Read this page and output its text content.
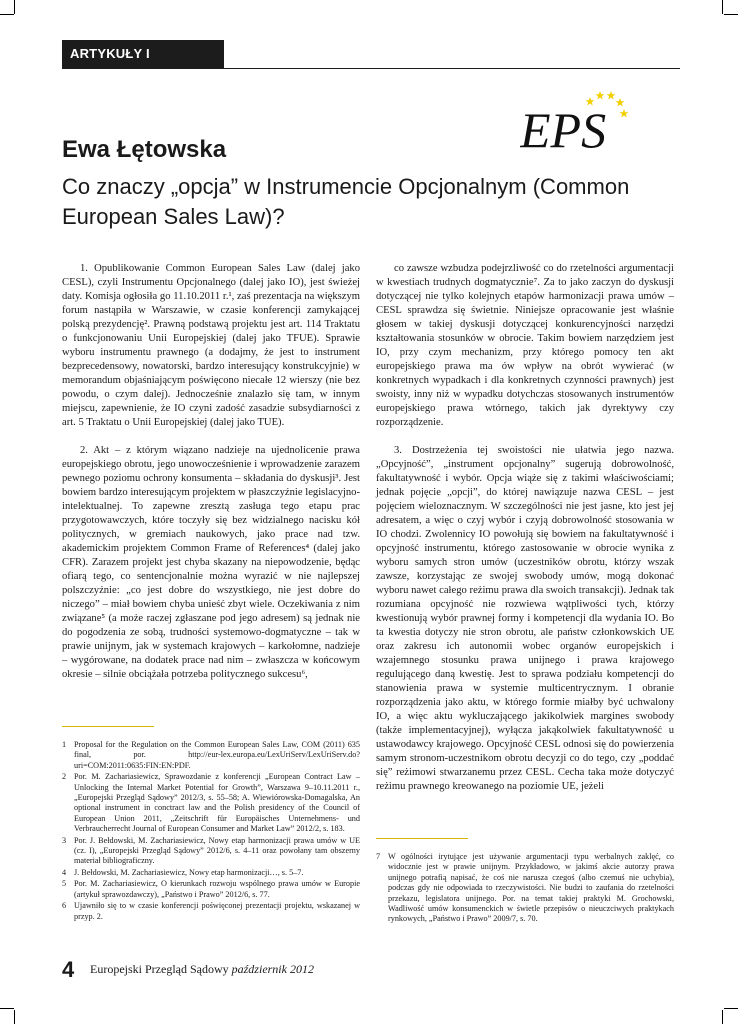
ARTYKUŁY I ROZPRAWY
EPS
Ewa Łętowska
Co znaczy „opcja” w Instrumencie Opcjonalnym (Common European Sales Law)?

1. Opublikowanie Common European Sales Law (dalej jako CESL), czyli Instrumentu Opcjonalnego (dalej jako IO), jest świeżej daty. Komisja ogłosiła go 11.10.2011 r.¹, zaś prezentacja na większym forum nastąpiła w Warszawie, w czasie konferencji zamykającej polską prezydencję². Prawną podstawą projektu jest art. 114 Traktatu o funkcjonowaniu Unii Europejskiej (dalej jako TFUE). Sprawie wyboru instrumentu prawnego (a dodajmy, że jest to instrument bezprecedensowy, nowatorski, bardzo interesujący konstrukcyjnie) w memorandum objaśniającym poświęcono niecałe 12 wierszy (nie bez powodu, o czym dalej). Jednocześnie znalazło się tam, w innym miejscu, zapewnienie, że IO czyni zadość zasadzie subsydiarności z art. 5 Traktatu o Unii Europejskiej (dalej jako TUE).

2. Akt – z którym wiązano nadzieje na ujednolicenie prawa europejskiego obrotu, jego unowocześnienie i wprowadzenie zarazem pewnego poziomu ochrony konsumenta – składania do dyskusji³. Jest bowiem bardzo interesującym projektem w płaszczyźnie legislacyjno-intelektualnej. To zapewne zresztą zasługa tego etapu prac przygotowawczych, które toczyły się bez widzialnego nacisku kół politycznych, w gremiach naukowych, jako prace nad tzw. akademickim projektem Common Frame of References⁴ (dalej jako CFR). Zarazem projekt jest chyba skazany na niepowodzenie, będąc ofiarą tego, co sentencjonalnie można wyrazić w nie najlepszej polszczyźnie: „co jest dobre do wszystkiego, nie jest dobre do niczego” – miał bowiem chyba unieść zbyt wiele. Oczekiwania z nim związane⁵ (a może raczej zgłaszane pod jego adresem) są jednak nie do pogodzenia ze sobą, trudności systemowo-dogmatyczne – tak w prawie unijnym, jak w systemach krajowych – karkołomne, nadzieje – wygórowane, na dodatek prace nad nim – zwłaszcza w końcowym okresie – silnie obciążała potrzeba politycznego sukcesu⁶,

co zawsze wzbudza podejrzliwość co do rzetelności argumentacji w kwestiach trudnych dogmatycznie⁷. Za to jako zaczyn do dyskusji dotyczącej nie tylko kolejnych etapów harmonizacji prawa umów – CESL sprawdza się świetnie. Niniejsze opracowanie jest właśnie głosem w takiej dyskusji dotyczącej konkurencyjności narzędzi kształtowania stosunków w obrocie. Takim bowiem narzędziem jest IO, przy czym mechanizm, przy którego pomocy ten akt europejskiego prawa ma ów wpływ na obrót wywierać (w konkretnych wypadkach i dla konkretnych czynności prawnych) jest swoisty, inny niż w wypadku dotychczas stosowanych instrumentów europejskiego prawa wtórnego, takich jak dyrektywy czy rozporządzenie.

3. Dostrzeżenia tej swoistości nie ułatwia jego nazwa. „Opcyjność”, „instrument opcjonalny” sugerują dobrowolność, fakultatywność i wybór. Opcja wiąże się z takimi właściwościami; jednak pojęcie „opcji”, do której nawiązuje nazwa CESL – jest pojęciem wieloznacznym. W szczególności nie jest jasne, kto jest jej adresatem, a więc o czyj wybór i czyją dobrowolność stosowania w IO chodzi. Zwolennicy IO powołują się bowiem na fakultatywność i opcyjność instrumentu, którego zastosowanie w obrocie wynika z wyboru samych stron umów (uczestników obrotu, którzy wszak zawsze, korzystając ze swojej swobody umów, mogą dokonać wyboru nawet całego reżimu prawa dla swoich transakcji). Jednak tak rozumiana opcyjność nie rozwiewa wątpliwości tych, którzy kwestionują wybór prawnej formy i kompetencji dla wydania IO. Bo ta kwestia dotyczy nie stron obrotu, ale państw członkowskich UE oraz zakresu ich autonomii wobec organów europejskich i wzajemnego stosunku prawa unijnego i prawa krajowego regulującego daną kwestię. Jest to sprawa podziału kompetencji do stanowienia prawa w systemie multicentrycznym. I obranie rozporządzenia jako aktu, w którego formie miałby być uchwalony IO, a więc aktu wykluczającego jakikolwiek margines swobody (także implementacyjnej), wyłącza jakąkolwiek fakultatywność u ustawodawcy krajowego. Opcyjność CESL odnosi się do powierzenia samym stronom-uczestnikom obrotu decyzji co do tego, czy „poddać się” reżimowi stwarzanemu przez CESL. Cecha taka może dotyczyć reżimu prawnego kreowanego na poziomie UE, jeżeli

1 Proposal for the Regulation on the Common European Sales Law, COM (2011) 635 final, por. http://eur-lex.europa.eu/LexUriServ/LexUriServ.do?uri=COM:2011:0635:FIN:EN:PDF.
2 Por. M. Zachariasiewicz, Sprawozdanie z konferencji „European Contract Law – Unlocking the Internal Market Potential for Growth”, Warszawa 9–10.11.2011 r., „Europejski Przegląd Sądowy” 2012/3, s. 55–58; A. Wiewiórowska-Domagalska, An optional instrument in conctract law and the Polish presidency of the Council of European Union 2011, „Zeitschrift für Europäisches Unternehmens- und Verbraucherrecht Journal of European Consumer and Market Law” 2012/2, s. 183.
3 Por. J. Bełdowski, M. Zachariasiewicz, Nowy etap harmonizacji prawa umów w UE (cz. I), „Europejski Przegląd Sądowy” 2012/6, s. 4–11 oraz powołany tam obszerny materiał bibliograficzny.
4 J. Bełdowski, M. Zachariasiewicz, Nowy etap harmonizacji…, s. 5–7.
5 Por. M. Zachariasiewicz, O kierunkach rozwoju wspólnego prawa umów w Europie (artykuł sprawozdawczy), „Państwo i Prawo” 2012/6, s. 77.
6 Ujawniło się to w czasie konferencji poświęconej prezentacji projektu, wskazanej w przyp. 2.
7 W ogólności irytujące jest używanie argumentacji typu werbalnych zaklęć, co widocznie jest w prawie unijnym. Przykładowo, w jakimś akcie autorzy prawa unijnego potrafią napisać, że coś nie narusza czegoś (albo czemuś nie uchybia), podczas gdy nie odpowiada to rzeczywistości. Nie budzi to zaufania do rzetelności przekazu, legislatora unijnego. Por. na temat takiej praktyki M. Grochowski, Wadliwość umów konsumenckich w świetle przepisów o nieuczciwych praktykach rynkowych, „Państwo i Prawo” 2009/7, s. 70.
4 Europejski Przegląd Sądowy październik 2012
